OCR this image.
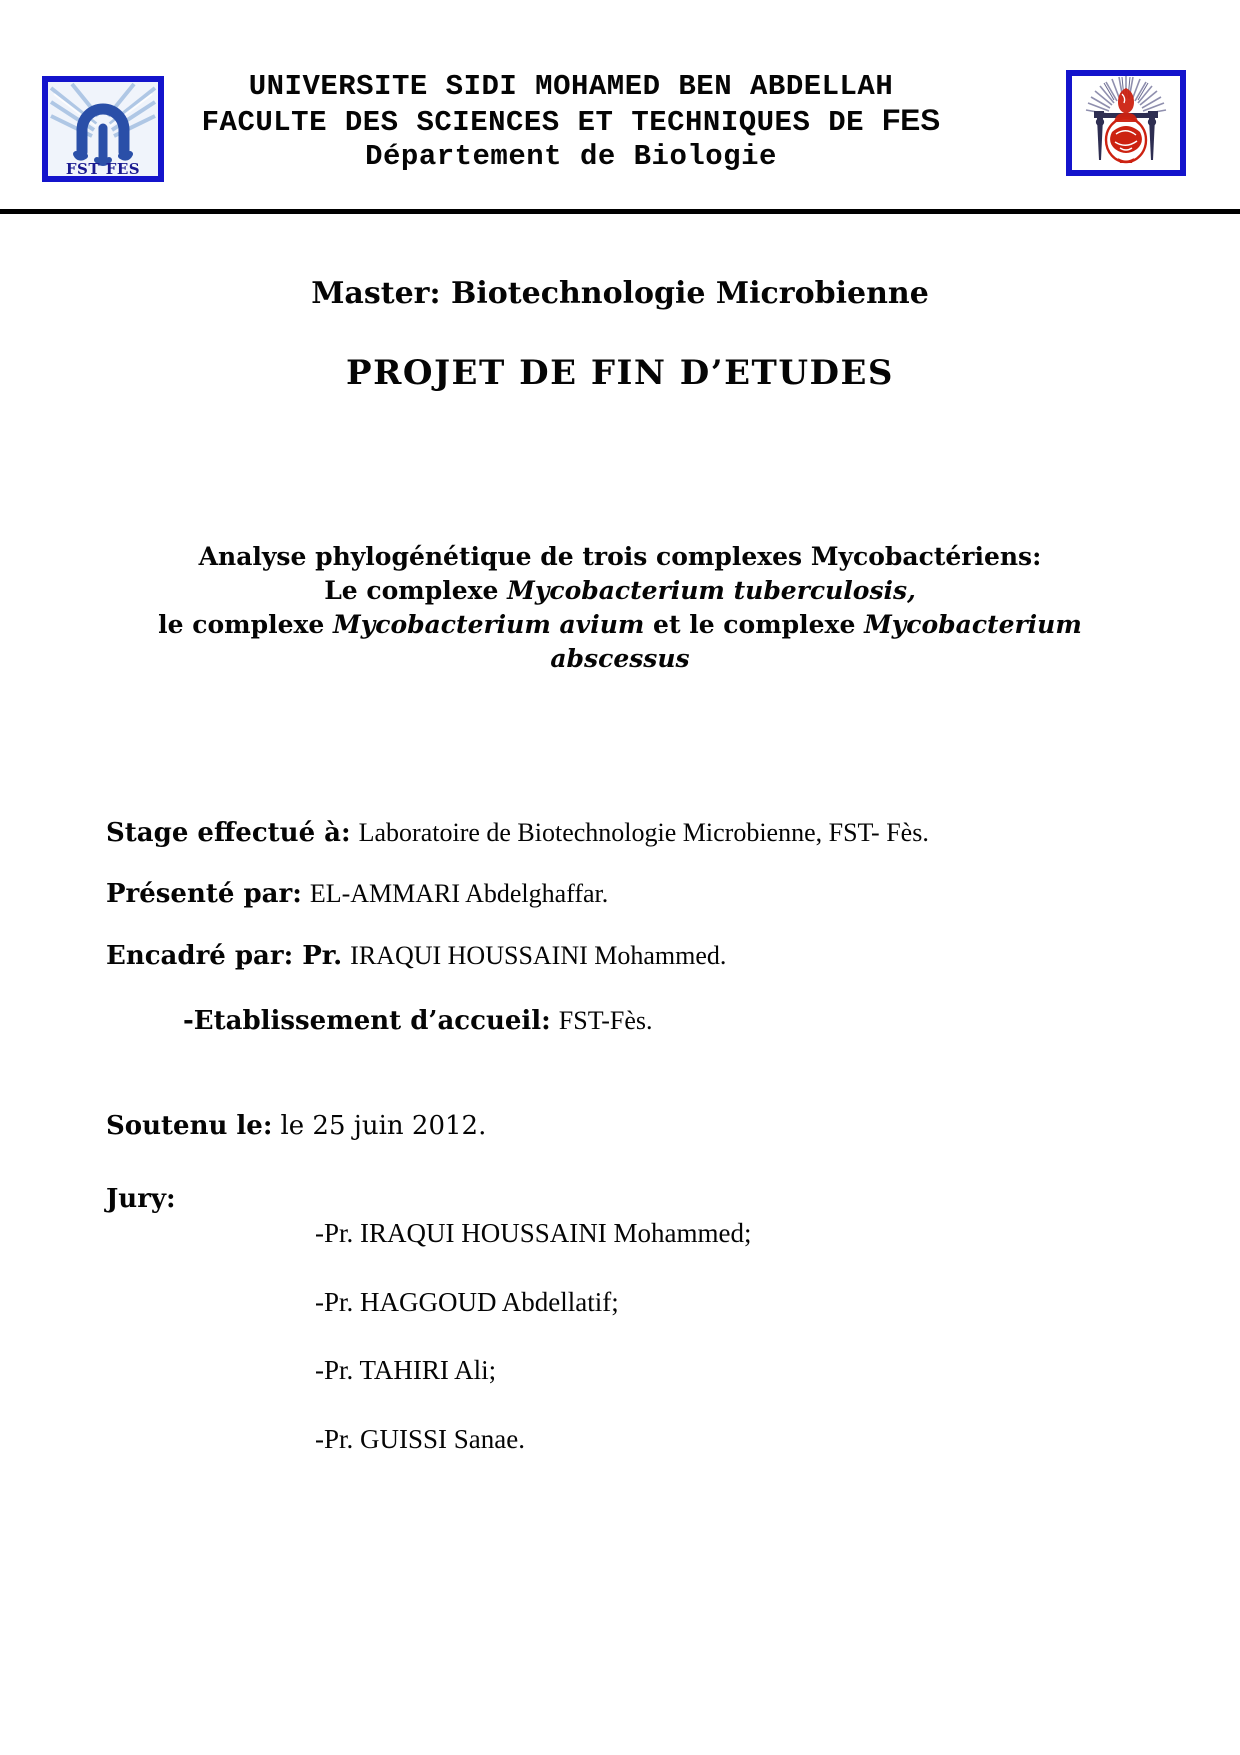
FST FES
UNIVERSITE SIDI MOHAMED BEN ABDELLAH
FACULTE DES SCIENCES ET TECHNIQUES DE FES
Département de Biologie
Master: Biotechnologie Microbienne
PROJET DE FIN D’ETUDES
Analyse phylogénétique de trois complexes Mycobactériens:
Le complexe Mycobacterium tuberculosis,
le complexe Mycobacterium avium et le complexe Mycobacterium
abscessus
Stage effectué à: Laboratoire de Biotechnologie Microbienne, FST- Fès.
Présenté par: EL-AMMARI Abdelghaffar.
Encadré par: Pr. IRAQUI HOUSSAINI Mohammed.
-Etablissement d’accueil: FST-Fès.
Soutenu le: le 25 juin 2012.
Jury:
-Pr. IRAQUI HOUSSAINI Mohammed;
-Pr. HAGGOUD Abdellatif;
-Pr. TAHIRI Ali;
-Pr. GUISSI Sanae.
